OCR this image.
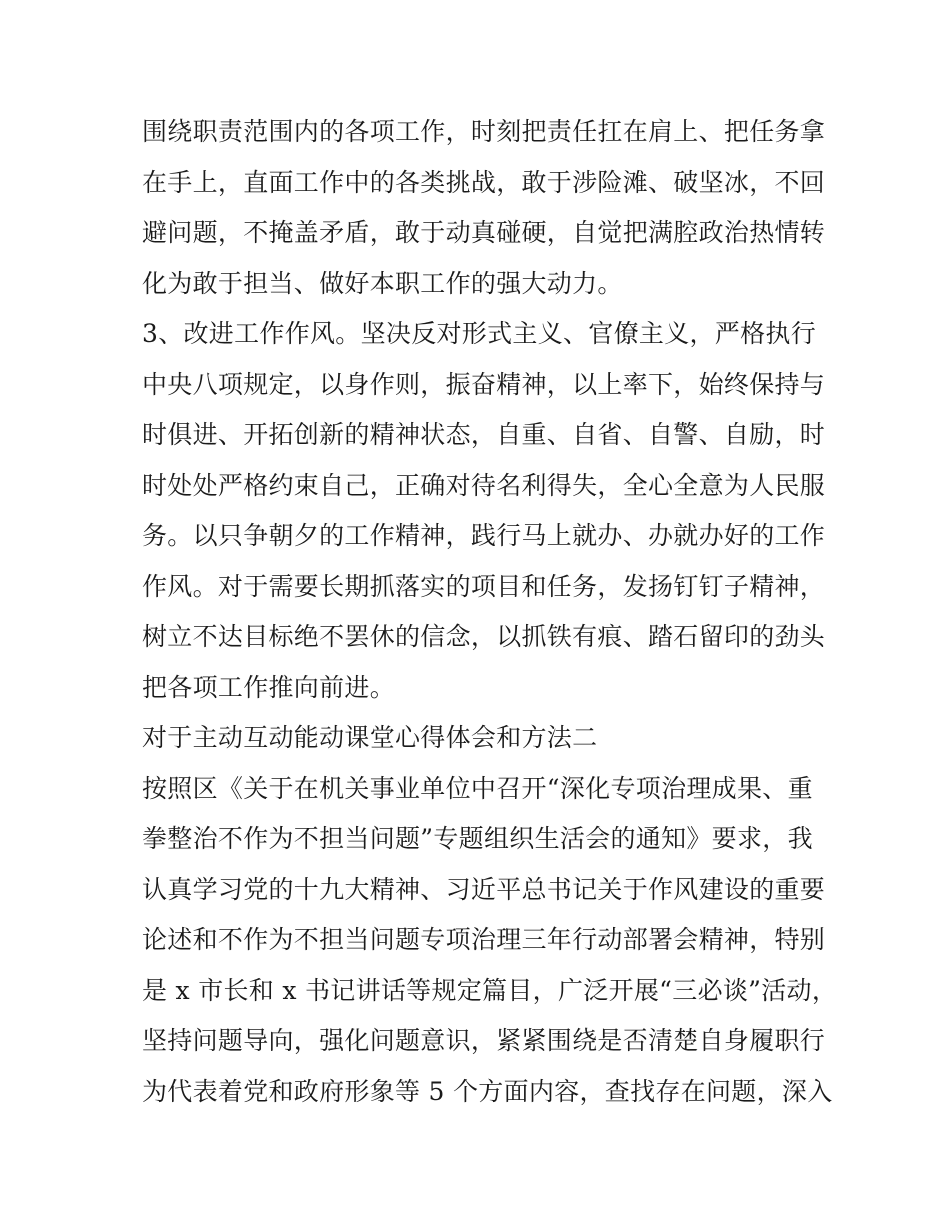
围绕职责范围内的各项工作，时刻把责任扛在肩上、把任务拿
在手上，直面工作中的各类挑战，敢于涉险滩、破坚冰，不回
避问题，不掩盖矛盾，敢于动真碰硬，自觉把满腔政治热情转
化为敢于担当、做好本职工作的强大动力。
3、改进工作作风。坚决反对形式主义、官僚主义，严格执行
中央八项规定，以身作则，振奋精神，以上率下，始终保持与
时俱进、开拓创新的精神状态，自重、自省、自警、自励，时
时处处严格约束自己，正确对待名利得失，全心全意为人民服
务。以只争朝夕的工作精神，践行马上就办、办就办好的工作
作风。对于需要长期抓落实的项目和任务，发扬钉钉子精神，
树立不达目标绝不罢休的信念，以抓铁有痕、踏石留印的劲头
把各项工作推向前进。
对于主动互动能动课堂心得体会和方法二
按照区《关于在机关事业单位中召开“深化专项治理成果、重
拳整治不作为不担当问题”专题组织生活会的通知》要求，我
认真学习党的十九大精神、习近平总书记关于作风建设的重要
论述和不作为不担当问题专项治理三年行动部署会精神，特别
是 x 市长和 x 书记讲话等规定篇目，广泛开展“三必谈”活动，
坚持问题导向，强化问题意识，紧紧围绕是否清楚自身履职行
为代表着党和政府形象等 5 个方面内容，查找存在问题，深入
